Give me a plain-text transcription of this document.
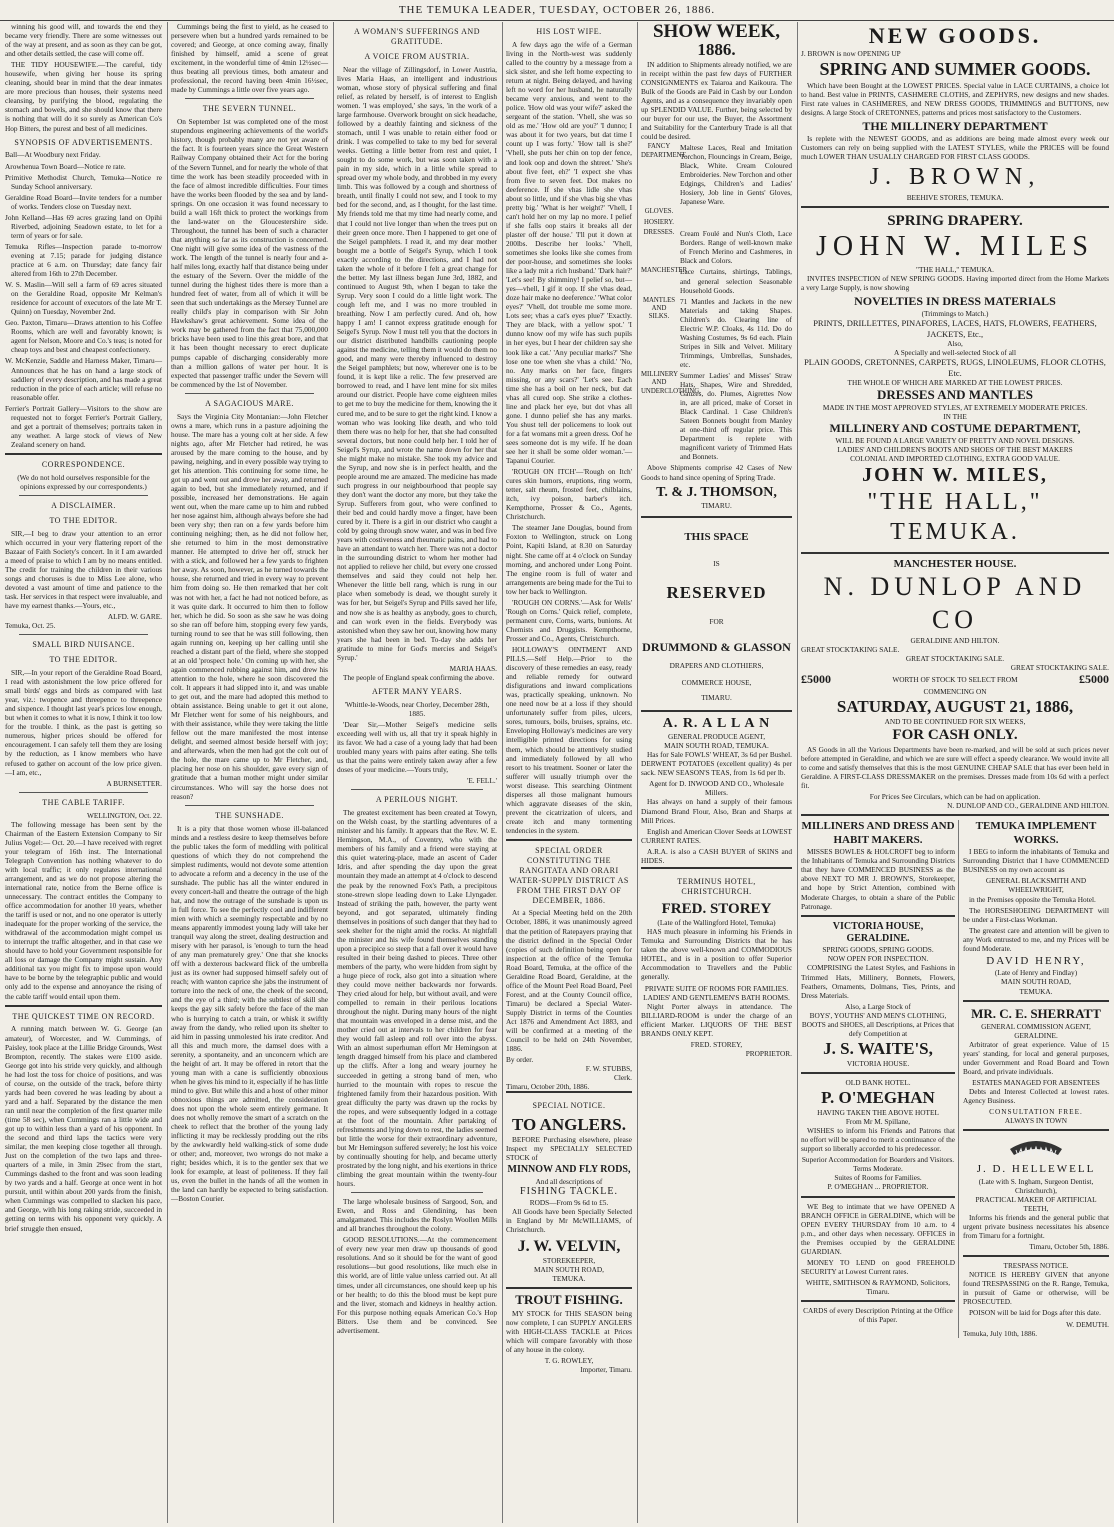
THE TEMUKA LEADER, TUESDAY, OCTOBER 26, 1886.

winning his good will, and towards the end they became very friendly. There are some witnesses out of the way at present, and as soon as they can be got, and other details settled, the case will come off.

THE TIDY HOUSEWIFE.—The careful, tidy housewife, when giving her house its spring cleaning, should bear in mind that the dear inmates are more precious than houses, their systems need cleansing, by purifying the blood, regulating the stomach and bowels, and she should know that there is nothing that will do it so surely as American Co's Hop Bitters, the purest and best of all medicines.

SYNOPSIS OF ADVERTISEMENTS.

Ball—At Woodbury next Friday.

Arowhenua Town Board—Notice re rate.

Primitive Methodist Church, Temuka—Notice re Sunday School anniversary.

Geraldine Road Board—Invite tenders for a number of works. Tenders close on Tuesday next.

John Kelland—Has 69 acres grazing land on Opihi Riverbed, adjoining Seadown estate, to let for a term of years or for sale.

Temuka Rifles—Inspection parade to-morrow evening at 7.15; parade for judging distance practice at 6 a.m. on Thursday; date fancy fair altered from 16th to 27th December.

W. S. Maslin—Will sell a farm of 69 acres situated on the Geraldine Road, opposite Mr Kelman's residence for account of executors of the late Mr T. Quinn) on Tuesday, November 2nd.

Geo. Paxton, Timaru—Draws attention to his Coffee Rooms, which are well and favorably known; is agent for Nelson, Moore and Co.'s teas; is noted for cheap toys and best and cheapest confectionery.

W. McKenzie, Saddle and Harness Maker, Timaru—Announces that he has on hand a large stock of saddlery of every description, and has made a great reduction in the price of each article; will refuse no reasonable offer.

Ferrier's Portrait Gallery—Visitors to the show are requested not to forget Ferrier's Portrait Gallery, and get a portrait of themselves; portraits taken in any weather. A large stock of views of New Zealand scenery on hand.

CORRESPONDENCE.

(We do not hold ourselves responsible for the opinions expressed by our correspondents.)

A DISCLAIMER.
TO THE EDITOR.

SIR,—I beg to draw your attention to an error which occurred in your very flattering report of the Bazaar of Faith Society's concert. In it I am awarded a meed of praise to which I am by no means entitled. The credit for training the children in their various songs and choruses is due to Miss Lee alone, who devoted a vast amount of time and patience to the task. Her services in that respect were invaluable, and have my earnest thanks.—Yours, etc.,

ALFD. W. GARE.
Temuka, Oct. 25.
SMALL BIRD NUISANCE.
TO THE EDITOR.

SIR,—In your report of the Geraldine Road Board, I read with astonishment the low price offered for small birds' eggs and birds as compared with last year, viz.: twopence and threepence to threepence and sixpence. I thought last year's prices low enough, but when it comes to what it is now, I think it too low for the trouble. I think, as the past is getting so numerous, higher prices should be offered for encouragement. I can safely tell them they are losing by the reduction, as I know members who have refused to gather on account of the low price given.—I am, etc.,

A BURNSETTER.
THE CABLE TARIFF.
WELLINGTON, Oct. 22.

The following message has been sent by the Chairman of the Eastern Extension Company to Sir Julius Vogel:— Oct. 20.—I have received with regret your telegram of 16th inst. The International Telegraph Convention has nothing whatever to do with local traffic; it only regulates international arrangement, and as we do not propose altering the international rate, notice from the Berne office is unnecessary. The contract entitles the Company to office accommodation for another 10 years, whether the tariff is used or not, and no one operator is utterly inadequate for the proper working of the service, the withdrawal of the accommodation might compel us to interrupt the traffic altogether, and in that case we should have to hold your Government responsible for all loss or damage the Company might sustain. Any additional tax you might fix to impose upon would have to be borne by the telegraphic public and would only add to the expense and annoyance the rising of the cable tariff would entail upon them.

THE QUICKEST TIME ON RECORD.

A running match between W. G. George (an amateur), of Worcester, and W. Cummings, of Paisley, took place at the Lillie Bridge Grounds, West Brompton, recently. The stakes were £100 aside. George got into his stride very quickly, and although he had lost the toss for choice of positions, and was of course, on the outside of the track, before thirty yards had been covered he was leading by about a yard and a half. Separated by the distance the men ran until near the completion of the first quarter mile (time 58 sec), when Cummings ran a little wide and got up to within less than a yard of his opponent. In the second and third laps the tactics were very similar, the men keeping close together all through. Just on the completion of the two laps and three-quarters of a mile, in 3min 29sec from the start, Cummings dashed to the front and was soon leading by two yards and a half. George at once went in hot pursuit, until within about 200 yards from the finish, when Cummings was compelled to slacken his pace, and George, with his long raking stride, succeeded in getting on terms with his opponent very quickly. A brief struggle then ensued,

Cummings being the first to yield, as he ceased to persevere when but a hundred yards remained to be covered; and George, at once coming away, finally finished by himself, amid a scene of great excitement, in the wonderful time of 4min 12½sec—thus beating all previous times, both amateur and professional, the record having been 4min 16½sec, made by Cummings a little over five years ago.

THE SEVERN TUNNEL.

On September 1st was completed one of the most stupendous engineering achievements of the world's history, though probably many are not yet aware of the fact. It is fourteen years since the Great Western Railway Company obtained their Act for the boring of the Severn Tunnel, and for nearly the whole of that time the work has been steadily proceeded with in the face of almost incredible difficulties. Four times have the works been flooded by the sea and by land-springs. On one occasion it was found necessary to build a wall 16ft thick to protect the workings from the land-water on the Gloucestershire side. Throughout, the tunnel has been of such a character that anything so far as its construction is concerned. One night will give some idea of the vastness of the work. The length of the tunnel is nearly four and a-half miles long, exactly half that distance being under the estuary of the Severn. Over the middle of the tunnel during the highest tides there is more than a hundred feet of water, from all of which it will be seen that such undertakings as the Mersey Tunnel are really child's play in comparison with Sir John Hawkshaw's great achievement. Some idea of the work may be gathered from the fact that 75,000,000 bricks have been used to line this great bore, and that it has been thought necessary to erect duplicate pumps capable of discharging considerably more than a million gallons of water per hour. It is expected that passenger traffic under the Severn will be commenced by the 1st of November.

A SAGACIOUS MARE.

Says the Virginia City Montanian:—John Fletcher owns a mare, which runs in a pasture adjoining the house. The mare has a young colt at her side. A few nights ago, after Mr Fletcher had retired, he was aroused by the mare coming to the house, and by pawing, neighing, and in every possible way trying to get his attention. This continuing for some time, he got up and went out and drove her away, and returned again to bed, but she immediately returned, and if possible, increased her demonstrations. He again went out, when the mare came up to him and rubbed her nose against him, although always before she had been very shy; then ran on a few yards before him continuing neighing; then, as he did not follow her, she returned to him in the most demonstrative manner. He attempted to drive her off, struck her with a stick, and followed her a few yards to frighten her away. As soon, however, as he turned towards the house, she returned and tried in every way to prevent him from doing so. He then remarked that her colt was not with her, a fact he had not noticed before, as it was quite dark. It occurred to him then to follow her, which he did. So soon as she saw he was doing so she ran off before him, stopping every few yards, turning round to see that he was still following, then again running on, keeping up her calling until she reached a distant part of the field, where she stopped at an old 'prospect hole.' On coming up with her, she again commenced rubbing against him, and drew his attention to the hole, where he soon discovered the colt. It appears it had slipped into it, and was unable to get out, and the mare had adopted this method to obtain assistance. Being unable to get it out alone, Mr Fletcher went for some of his neighbours, and with their assistance, while they were taking the little fellow out the mare manifested the most intense delight, and seemed almost beside herself with joy; and afterwards, when the men had got the colt out of the hole, the mare came up to Mr Fletcher, and, placing her nose on his shoulder, gave every sign of gratitude that a human mother might under similar circumstances. Who will say the horse does not reason?

THE SUNSHADE.

It is a pity that those women whose ill-balanced minds and a restless desire to keep themselves before the public takes the form of meddling with political questions of which they do not comprehend the simplest rudiments, would not devote some attention to advocate a reform and a decency in the use of the sunshade. The public has all the winter endured in every concert-hall and theatre the outrage of the high hat, and now the outrage of the sunshade is upon us in full force. To see the perfectly cool and indifferent mien with which a seemingly respectable and by no means apparently immodest young lady will take her tranquil way along the street, dealing destruction and misery with her parasol, is 'enough to turn the head of any man prematurely grey.' One that she knocks off with a dexterous backward flick of the umbrella just as its owner had supposed himself safely out of reach; with wanton caprice she jabs the instrument of torture into the neck of one, the cheek of the second, and the eye of a third; with the subtlest of skill she keeps the gay silk safely before the face of the man who is hurrying to catch a train, or whisk it swiftly away from the dandy, who relied upon its shelter to aid him in passing unmolested his irate creditor. And all this and much more, the damsel does with a serenity, a spontaneity, and an unconcern which are the height of art. It may be offered in retort that the young man with a cane is sufficiently obnoxious when he gives his mind to it, especially if he has little mind to give. But while this and a host of other minor obnoxious things are admitted, the consideration does not upon the whole seem entirely germane. It does not wholly remove the smart of a scratch on the cheek to reflect that the brother of the young lady inflicting it may be recklessly prodding out the ribs by the awkwardly held walking-stick of some dude or other; and, moreover, two wrongs do not make a right; besides which, it is to the gentler sex that we look for example, at least of politeness. If they fail us, even the bullet in the hands of all the women in the land can hardly be expected to bring satisfaction.—Boston Courier.

A WOMAN'S SUFFERINGS AND GRATITUDE.
A VOICE FROM AUSTRIA.

Near the village of Zillingsdorf, in Lower Austria, lives Maria Haas, an intelligent and industrious woman, whose story of physical suffering and final relief, as related by herself, is of interest to English women. 'I was employed,' she says, 'in the work of a large farmhouse. Overwork brought on sick headache, followed by a deathly fainting and sickness of the stomach, until I was unable to retain either food or drink. I was compelled to take to my bed for several weeks. Getting a little better from rest and quiet, I sought to do some work, but was soon taken with a pain in my side, which in a little while spread to spread over my whole body, and throbbed in my every limb. This was followed by a cough and shortness of breath, until finally I could not sew, and I took to my bed for the second, and, as I thought, for the last time. My friends told me that my time had nearly come, and that I could not live longer than when the trees put on their green once more. Then I happened to get one of the Seigel pamphlets. I read it, and my dear mother bought me a bottle of Seigel's Syrup, which I took exactly according to the directions, and I had not taken the whole of it before I felt a great change for the better. My last illness began June 3rd, 1882, and continued to August 9th, when I began to take the Syrup. Very soon I could do a little light work. The cough left me, and I was no more troubled in breathing. Now I am perfectly cured. And oh, how happy I am! I cannot express gratitude enough for Seigel's Syrup. Now I must tell you that the doctors in our district distributed handbills cautioning people against the medicine, telling them it would do them no good, and many were thereby influenced to destroy the Seigel pamphlets; but now, wherever one is to be found, it is kept like a relic. The few preserved are borrowed to read, and I have lent mine for six miles around our district. People have come eighteen miles to get me to buy the medicine for them, knowing the it cured me, and to be sure to get the right kind. I know a woman who was looking like death, and who told them there was no help for her, that she had consulted several doctors, but none could help her. I told her of Seigel's Syrup, and wrote the name down for her that she might make no mistake. She took my advice and the Syrup, and now she is in perfect health, and the people around me are amazed. The medicine has made such progress in our neighbourhood that people say they don't want the doctor any more, but they take the Syrup. Sufferers from gout, who were confined to their bed and could hardly move a finger, have been cured by it. There is a girl in our district who caught a cold by going through snow water, and was in bed five years with costiveness and rheumatic pains, and had to have an attendant to watch her. There was not a doctor in the surrounding district to whom her mother had not applied to relieve her child, but every one crossed themselves and said they could not help her. Whenever the little bell rang, which is rung in our place when somebody is dead, we thought surely it was for her, but Seigel's Syrup and Pills saved her life, and now she is as healthy as anybody, goes to church, and can work even in the fields. Everybody was astonished when they saw her out, knowing how many years she had been in bed. To-day she adds her gratitude to mine for God's mercies and Seigel's Syrup.'

MARIA HAAS.

The people of England speak confirming the above.

AFTER MANY YEARS.

'Whittle-le-Woods, near Chorley, December 28th, 1885.

'Dear Sir,—Mother Seigel's medicine sells exceeding well with us, all that try it speak highly in its favor. We had a case of a young lady that had been troubled many years with pains after eating. She tells us that the pains were entirely taken away after a few doses of your medicine.—Yours truly,

'E. FELL.'
A PERILOUS NIGHT.

The greatest excitement has been created at Towyn, on the Welsh coast, by the startling adventures of a minister and his family. It appears that the Rev. W. E. Hemingson, M.A., of Coventry, who with the members of his family and a friend were staying at this quiet watering-place, made an ascent of Cader Idris, and after spending the day upon the great mountain they made an attempt at 4 o'clock to descend the peak by the renowned Fox's Path, a precipitous stone-strewn slope leading down to Lake Llyngader. Instead of striking the path, however, the party went beyond, and got separated, ultimately finding themselves in positions of such danger that they had to seek shelter for the night amid the rocks. At nightfall the minister and his wife found themselves standing upon a precipice so steep that a fall over it would have resulted in their being dashed to pieces. Three other members of the party, who were hidden from sight by a huge piece of rock, also got into a situation where they could move neither backwards nor forwards. They cried aloud for help, but without avail, and were compelled to remain in their perilous locations throughout the night. During many hours of the night that mountain was enveloped in a dense mist, and the mother cried out at intervals to her children for fear they would fall asleep and roll over into the abyss. With an almost superhuman effort Mr Hemingson at length dragged himself from his place and clambered up the cliffs. After a long and weary journey he succeeded in getting a strong band of men, who hurried to the mountain with ropes to rescue the frightened family from their hazardous position. With great difficulty the party was drawn up the rocks by the ropes, and were subsequently lodged in a cottage at the foot of the mountain. After partaking of refreshments and lying down to rest, the ladies seemed but little the worse for their extraordinary adventure, but Mr Hemingson suffered severely; he lost his voice by continually shouting for help, and became utterly prostrated by the long night, and his exertions in thrice climbing the great mountain within the twenty-four hours.

The large wholesale business of Sargood, Son, and Ewen, and Ross and Glendining, has been amalgamated. This includes the Roslyn Woollen Mills and all branches throughout the colony.

GOOD RESOLUTIONS.—At the commencement of every new year men draw up thousands of good resolutions. And so it should be for the want of good resolutions—but good resolutions, like much else in this world, are of little value unless carried out. At all times, under all circumstances, one should keep up his or her health; to do this the blood must be kept pure and the liver, stomach and kidneys in healthy action. For this purpose nothing equals American Co.'s Hop Bitters. Use them and be convinced. See advertisement.

HIS LOST WIFE.

A few days ago the wife of a German living in the North-west was suddenly called to the country by a message from a sick sister, and she left home expecting to return at night. Being delayed, and having left no word for her husband, he naturally became very anxious, and went to the police. 'How old was your wife?' asked the sergeant of the station. 'Vhell, she was so old as me.' 'How old are you?' 'I dunno; I was about it for two years, but dat time I count up I was forty.' 'How tall is she?' 'Vhell, she puts her chin on top der fence, and look oop and down the shtreet.' 'She's about five feet, eh?' 'I expect she vhas from five to seven feet. Dot makes no deeference. If she vhas lidle she vhas about so little, und if she vhas big she vhas pretty big.' 'What is her weight?' 'Vhell, I can't hold her on my lap no more. I pelief if she falls oop stairs it breaks all der plaster off der house.' 'I'll put it down at 200lbs. Describe her looks.' 'Vhell, sometimes she looks like she comes from der poor-house, and sometimes she looks like a lady mit a rich husband.' 'Dark hair?' 'Let's see! By shimminy! I pelief so, but—yes—vhell, I gif it oop. If she vhas dead, doze hair make no deeference.' 'What color eyes?' 'Vhell, dot trouble me some more. Lots see; vhas a cat's eyes plue?' 'Exactly. They are black, with a yellow spot.' 'I dunno know oof my wife has such pupils in her eyes, but I hear der children say she look like a cat.' 'Any peculiar marks?' 'She lose one toe when she vhas a child.' 'No, no. Any marks on her face, fingers missing, or any scars?' 'Let's see. Each time she has a boil on her neck, but dat vhas all cured oop. She strike a clothes-line and plack her eye, but dot vhas all gone. I dunno pelief she has any marks. You shust tell der policemens to look out for a fat womans mit a green dress. Oof he sees someone dot is my wife. If he doan see her it shall be some older woman.'—Tapanui Courier.

'ROUGH ON ITCH'—'Rough on Itch' cures skin humors, eruptions, ring worm, tetter, salt rheum, frosted feet, chilblains, itch, ivy poison, barber's itch. Kempthorne, Prosser & Co., Agents, Christchurch.

The steamer Jane Douglas, bound from Foxton to Wellington, struck on Long Point, Kapiti Island, at 8.30 on Saturday night. She came off at 4 o'clock on Sunday morning, and anchored under Long Point. The engine room is full of water and arrangements are being made for the Tui to tow her back to Wellington.

'ROUGH ON CORNS.'—Ask for Wells' 'Rough on Corns.' Quick relief, complete, permanent cure, Corns, warts, bunions. At Chemists and Druggists. Kempthorne, Prosser and Co., Agents, Christchurch.

HOLLOWAY'S OINTMENT AND PILLS.—Self Help.—Prior to the discovery of these remedies an easy, ready and reliable remedy for outward disfigurations and inward complications was, practically speaking, unknown. No one need now be at a loss if they should unfortunately suffer from piles, ulcers, sores, tumours, boils, bruises, sprains, etc. Enveloping Holloway's medicines are very intelligible printed directions for using them, which should be attentively studied and immediately followed by all who resort to his treatment. Sooner or later the sufferer will usually triumph over the worst disease. This searching Ointment disperses all those malignant humours which aggravate diseases of the skin, prevent the cicatrization of ulcers, and create itch and many tormenting tendencies in the system.

SPECIAL ORDER CONSTITUTING THE RANGITATA AND ORARI WATER-SUPPLY DISTRICT AS FROM THE FIRST DAY OF DECEMBER, 1886.

At a Special Meeting held on the 20th October, 1886, it was unanimously agreed that the petition of Ratepayers praying that the district defined in the Special Order (copies of such definition being open for inspection at the office of the Temuka Road Board, Temuka, at the office of the Geraldine Road Board, Geraldine, at the office of the Mount Peel Road Board, Peel Forest, and at the County Council office, Timaru) be declared a Special Water-Supply District in terms of the Counties Act 1876 and Amendment Act 1883, and will be confirmed at a meeting of the Council to be held on 24th November, 1886.

By order.
F. W. STUBBS,
Clerk.
Timaru, October 20th, 1886.
SPECIAL NOTICE.
TO ANGLERS.

BEFORE Purchasing elsewhere, please Inspect my SPECIALLY SELECTED STOCK of

MINNOW AND FLY RODS,
And all descriptions of
FISHING TACKLE.
RODS—From 9s 6d to £5.

All Goods have been Specially Selected in England by Mr McWILLIAMS, of Christchurch.

J. W. VELVIN,
STOREKEEPER,
MAIN SOUTH ROAD,
TEMUKA.
TROUT FISHING.

MY STOCK for THIS SEASON being now complete, I can SUPPLY ANGLERS with HIGH-CLASS TACKLE at Prices which will compare favorably with those of any house in the colony.

T. G. ROWLEY,
Importer, Timaru.
SHOW WEEK,
1886.

IN addition to Shipments already notified, we are in receipt within the past few days of FURTHER CONSIGNMENTS ex Taiaroa and Kaikoura. The Bulk of the Goods are Paid in Cash by our London Agents, and as a consequence they invariably open up SPLENDID VALUE. Further, being selected by our buyer for our use, the Buyer, the Assortment and Suitability for the Canterbury Trade is all that could be desired.

FANCY DEPARTMENT.
Maltese Laces, Real and Imitation Torchon, Flouncings in Cream, Beige, Black, White. Cream Coloured Embroideries. New Torchon and other Edgings, Children's and Ladies' Hosiery, Job line in Gents' Gloves, Japanese Ware.
GLOVES.
HOSIERY.
DRESSES. Cream Foulé and Nun's Cloth, Lace Borders. Range of well-known make of French Merino and Cashmeres, in Black and Colors.
MANCHESTER
Lace Curtains, shirtings, Tablings, and general selection Seasonable Household Goods.
MANTLES AND SILKS.
71 Mantles and Jackets in the new Materials and taking Shapes. Children's do. Clearing line of Electric W.P. Cloaks, 4s 11d. Do do Washing Costumes, 9s 6d each. Plain Stripes in Silk and Velvet. Military Trimmings, Umbrellas, Sunshades, etc.
MILLINERY AND UNDERCLOTHING.
Summer Ladies' and Misses' Straw Hats, Shapes, Wire and Shredded, Gauzes, do. Plumes, Aigrettes Now in, are all priced, make of Corset in Black Cardinal. 1 Case Children's Sateen Bonnets bought from Manley at one-third off regular price. This Department is replete with magnificent variety of Trimmed Hats and Bonnets.

Above Shipments comprise 42 Cases of New Goods to hand since opening of Spring Trade.

T. & J. THOMSON,
TIMARU.
THIS SPACE
IS
RESERVED
FOR
DRUMMOND & GLASSON
DRAPERS AND CLOTHIERS,
COMMERCE HOUSE,
TIMARU.
A. R. A L L A N
GENERAL PRODUCE AGENT,
MAIN SOUTH ROAD, TEMUKA.

Has for Sale FOWLS' WHEAT, 3s 6d per Bushel. DERWENT POTATOES (excellent quality) 4s per sack. NEW SEASON'S TEAS, from 1s 6d per lb.

Agent for D. INWOOD AND CO., Wholesale Millers.

Has always on hand a supply of their famous Diamond Brand Flour, Also, Bran and Sharps at Mill Prices.

English and American Clover Seeds at LOWEST CURRENT RATES.

A.R.A. is also a CASH BUYER of SKINS and HIDES.

TERMINUS HOTEL, CHRISTCHURCH.
FRED. STOREY
(Late of the Wallingford Hotel, Temuka)

HAS much pleasure in informing his Friends in Temuka and Surrounding Districts that he has taken the above well-known and COMMODIOUS HOTEL, and is in a position to offer Superior Accommodation to Travellers and the Public generally.

PRIVATE SUITE OF ROOMS FOR FAMILIES.
LADIES' AND GENTLEMEN'S BATH ROOMS.

Night Porter always in attendance. The BILLIARD-ROOM is under the charge of an efficient Marker. LIQUORS OF THE BEST BRANDS ONLY KEPT.

FRED. STOREY,
PROPRIETOR.
NEW GOODS.
J. BROWN is now OPENING UP
SPRING AND SUMMER GOODS.

Which have been Bought at the LOWEST PRICES. Special value in LACE CURTAINS, a choice lot to hand. Best value in PRINTS, CASHMERE CLOTHS, and ZEPHYRS, new designs and new shades. First rate values in CASHMERES, and NEW DRESS GOODS, TRIMMINGS and BUTTONS, new designs. A large Stock of CRETONNES, patterns and prices most satisfactory to the Customers.

THE MILLINERY DEPARTMENT

Is replete with the NEWEST GOODS, and as additions are being made almost every week our Customers can rely on being supplied with the LATEST STYLES, while the PRICES will be found much LOWER THAN USUALLY CHARGED FOR FIRST CLASS GOODS.

J. BROWN,
BEEHIVE STORES, TEMUKA.
SPRING DRAPERY.
JOHN W. MILES
"THE HALL," TEMUKA.

INVITES INSPECTION of NEW SPRING GOODS. Having imported direct from the Home Markets a very Large Supply, is now showing

NOVELTIES IN DRESS MATERIALS
(Trimmings to Match.)
PRINTS, DRILLETTES, PINAFORES, LACES, HATS, FLOWERS, FEATHERS, JACKETS, Etc.,
Also,
A Specially and well-selected Stock of all
PLAIN GOODS, CRETONNES, CARPETS, RUGS, LINOLEUMS, FLOOR CLOTHS, Etc.
THE WHOLE OF WHICH ARE MARKED AT THE LOWEST PRICES.
DRESSES AND MANTLES
MADE IN THE MOST APPROVED STYLES, AT EXTREMELY MODERATE PRICES.
IN THE
MILLINERY AND COSTUME DEPARTMENT,
WILL BE FOUND A LARGE VARIETY OF PRETTY AND NOVEL DESIGNS.
LADIES' AND CHILDREN'S BOOTS AND SHOES OF THE BEST MAKERS
COLONIAL AND IMPORTED CLOTHING, EXTRA GOOD VALUE.
JOHN W. MILES,
"THE HALL," TEMUKA.
MANCHESTER HOUSE.
N. DUNLOP AND CO
GERALDINE AND HILTON.
GREAT STOCKTAKING SALE.
GREAT STOCKTAKING SALE.
GREAT STOCKTAKING SALE.
£5000	WORTH OF STOCK TO SELECT FROM	£5000
COMMENCING ON
SATURDAY, AUGUST 21, 1886,
AND TO BE CONTINUED FOR SIX WEEKS,
FOR CASH ONLY.

AS Goods in all the Various Departments have been re-marked, and will be sold at such prices never before attempted in Geraldine, and which we are sure will effect a speedy clearance. We would invite all to come and satisfy themselves that this is the most GENUINE CHEAP SALE that has ever been held in Geraldine. A FIRST-CLASS DRESSMAKER on the premises. Dresses made from 10s 6d with a perfect fit.

For Prices See Circulars, which can be had on application.
N. DUNLOP AND CO., GERALDINE AND HILTON.
MILLINERS AND DRESS AND HABIT MAKERS.

MISSES BOWLES & HOLCROFT beg to inform the Inhabitants of Temuka and Surrounding Districts that they have COMMENCED BUSINESS as the above NEXT TO MR J. BROWN'S, Storekeeper, and hope by Strict Attention, combined with Moderate Charges, to obtain a share of the Public Patronage.

VICTORIA HOUSE, GERALDINE.
SPRING GOODS, SPRING GOODS.
NOW OPEN FOR INSPECTION.

COMPRISING the Latest Styles, and Fashions in Trimmed Hats, Millinery, Bonnets, Flowers, Feathers, Ornaments, Dolmans, Ties, Prints, and Dress Materials.

Also, a Large Stock of
BOYS', YOUTHS' AND MEN'S CLOTHING,
BOOTS and SHOES, all Descriptions, at Prices that defy Competition at
J. S. WAITE'S,
VICTORIA HOUSE.
OLD BANK HOTEL.
P. O'MEGHAN
HAVING TAKEN THE ABOVE HOTEL
From Mr M. Spillane,

WISHES to inform his Friends and Patrons that no effort will be spared to merit a continuance of the support so liberally accorded to his predecessor.

Superior Accommodation for Boarders and Visitors. Terms Moderate.
Suites of Rooms for Families.
P. O'MEGHAN ... PROPRIETOR.

WE Beg to intimate that we have OPENED A BRANCH OFFICE in GERALDINE, which will be OPEN EVERY THURSDAY from 10 a.m. to 4 p.m., and other days when necessary. OFFICES in the Premises occupied by the GERALDINE GUARDIAN.

MONEY TO LEND on good FREEHOLD SECURITY at Lowest Current rates.

WHITE, SMITHSON & RAYMOND, Solicitors, Timaru.
CARDS of every Description Printing at the Office of this Paper.
TEMUKA IMPLEMENT WORKS.

I BEG to inform the inhabitants of Temuka and Surrounding District that I have COMMENCED BUSINESS on my own account as

GENERAL BLACKSMITH AND WHEELWRIGHT,

in the Premises opposite the Temuka Hotel.

The HORSESHOEING DEPARTMENT will be under a First-class Workman.

The greatest care and attention will be given to any Work entrusted to me, and my Prices will be found Moderate.

DAVID HENRY,
(Late of Henry and Findlay)
MAIN SOUTH ROAD,
TEMUKA.
MR. C. E. SHERRATT
GENERAL COMMISSION AGENT, GERALDINE.

Arbitrator of great experience. Value of 15 years' standing, for local and general purposes, under Government and Road Board and Town Board, and private individuals.

ESTATES MANAGED FOR ABSENTEES

Debts and Interest Collected at lowest rates. Agency Business.

CONSULTATION FREE.
ALWAYS IN TOWN
J. D. HELLEWELL
(Late with S. Ingham, Surgeon Dentist, Christchurch),
PRACTICAL MAKER OF ARTIFICIAL TEETH,

Informs his friends and the general public that urgent private business necessitates his absence from Timaru for a fortnight.

Timaru, October 5th, 1886.
TRESPASS NOTICE.

NOTICE IS HEREBY GIVEN that anyone found TRESPASSING on the R. Range, Temuka, in pursuit of Game or otherwise, will be PROSECUTED.

POISON will be laid for Dogs after this date.

W. DEMUTH.
Temuka, July 10th, 1886.
